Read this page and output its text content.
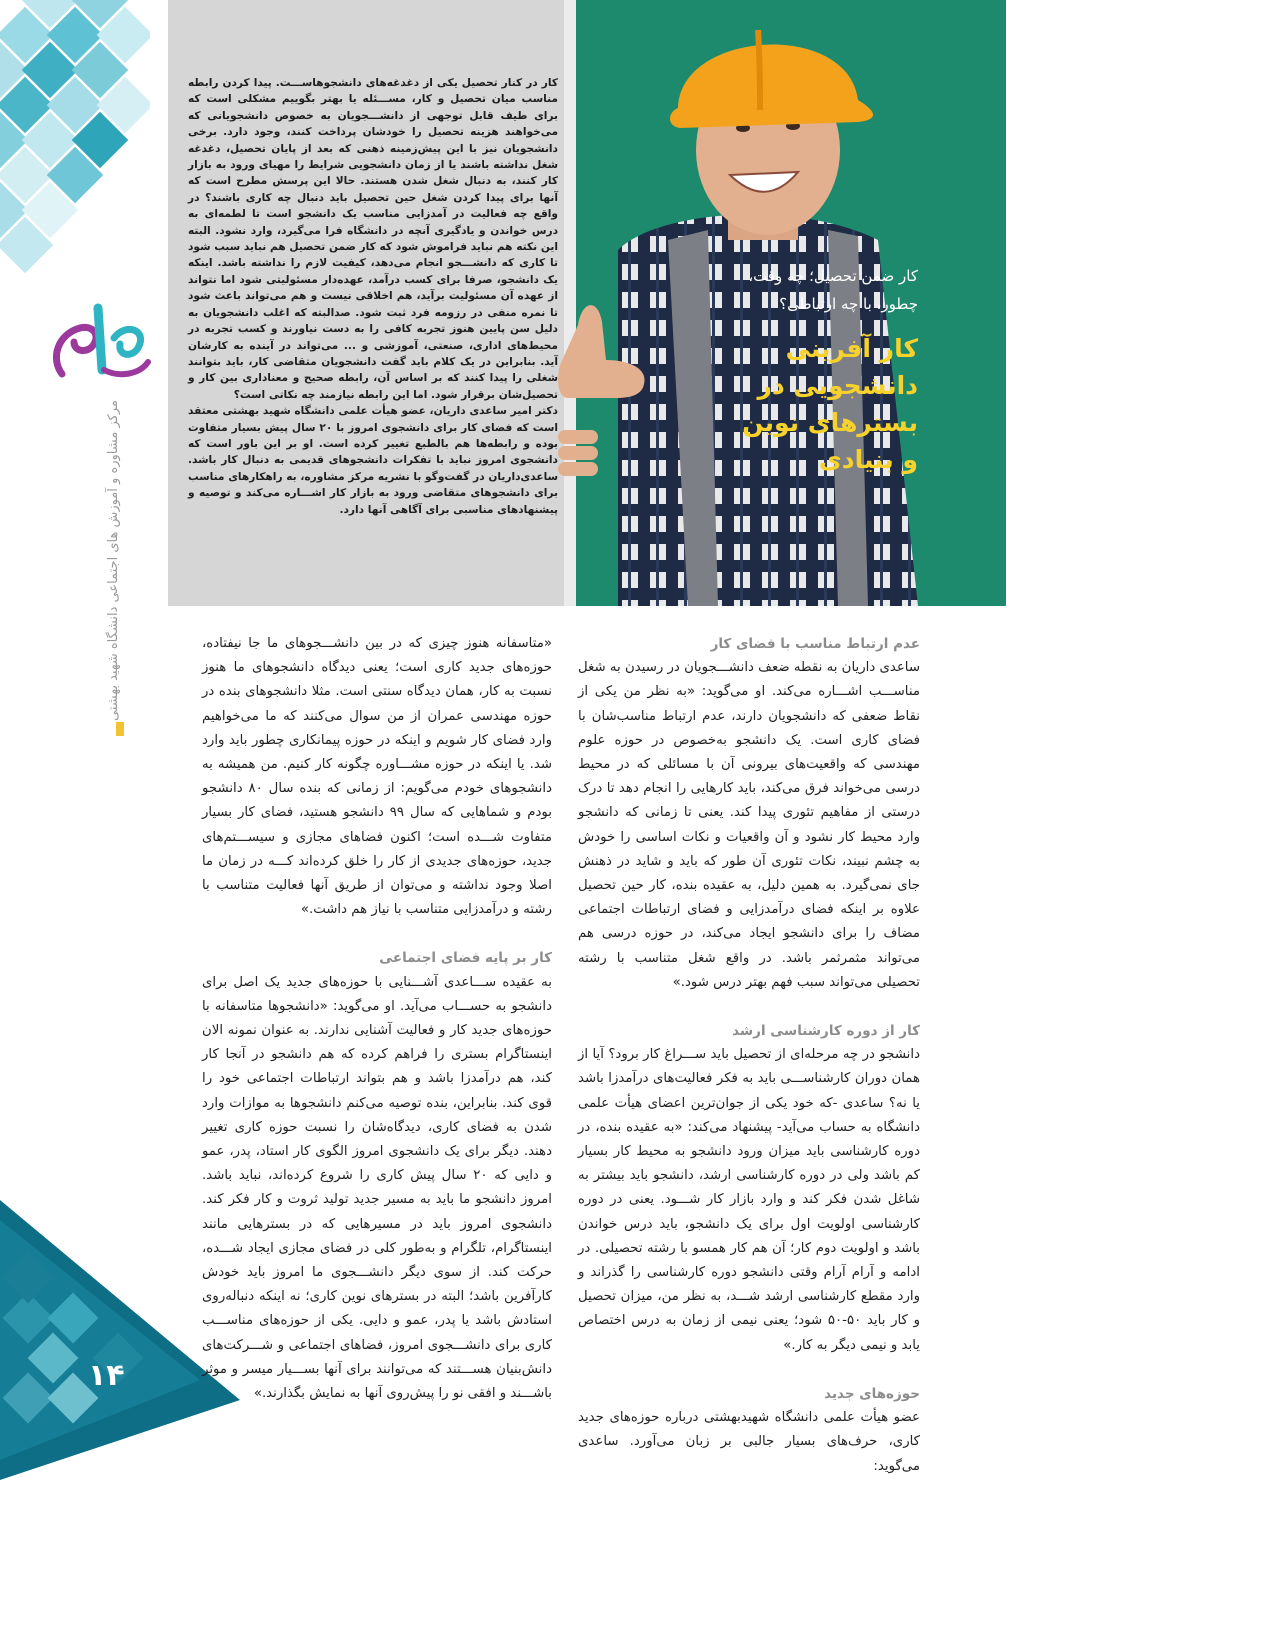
مرکز مشاوره و آموزش های اجتماعی دانشگاه شهید بهشتی
۱۴
کار ضمن تحصیل؛ چه وقت، چطور، با چه ارتباطی؟
کار آفرینی دانشجویی در بسترهای نوین و بنیادی

کار در کنار تحصیل یکی از دغدغه‌های دانشجوهاســـت. پیدا کردن رابطه مناسب میان تحصیل و کار، مســـئله یا بهتر بگوییم مشکلی است که برای طیف قابل توجهی از دانشـــجویان به خصوص دانشجویانی که می‌خواهند هزینه تحصیل را خودشان پرداخت کنند، وجود دارد. برخی دانشجویان نیز با این پیش‌زمینه ذهنی که بعد از پایان تحصیل، دغدغه شغل نداشته باشند یا از زمان دانشجویی شرایط را مهیای ورود به بازار کار کنند، به دنبال شغل شدن هستند. حالا این پرسش مطرح است که آنها برای پیدا کردن شغل حین تحصیل باید دنبال چه کاری باشند؟ در واقع چه فعالیت در آمدزایی مناسب یک دانشجو است تا لطمه‌ای به درس خواندن و یادگیری آنچه در دانشگاه فرا می‌گیرد، وارد نشود. البته این نکته هم نباید فراموش شود که کار ضمن تحصیل هم نباید سبب شود تا کاری که دانشـــجو انجام می‌دهد، کیفیت لازم را نداشته باشد. اینکه یک دانشجو، صرفا برای کسب درآمد، عهده‌دار مسئولیتی شود اما نتواند از عهده آن مسئولیت برآید، هم اخلاقی نیست و هم می‌تواند باعث شود تا نمره منفی در رزومه فرد ثبت شود. صدالبته که اغلب دانشجویان به دلیل سن پایین هنوز تجربه کافی را به دست نیاورند و کسب تجربه در محیط‌های اداری، صنعتی، آموزشی و ... می‌تواند در آینده به کارشان آید. بنابراین در یک کلام باید گفت دانشجویان متقاضی کار، باید بتوانند شغلی را پیدا کنند که بر اساس آن، رابطه صحیح و معناداری بین کار و تحصیل‌شان برقرار شود. اما این رابطه نیازمند چه نکاتی است؟

دکتر امیر ساعدی داریان، عضو هیأت علمی دانشگاه شهید بهشتی معتقد است که فضای کار برای دانشجوی امروز با ۲۰ سال پیش بسیار متفاوت بوده و رابطه‌ها هم بالطبع تغییر کرده است. او بر این باور است که دانشجوی امروز نباید با تفکرات دانشجوهای قدیمی به دنبال کار باشد. ساعدی‌داریان در گفت‌وگو با نشریه مرکز مشاوره، به راهکارهای مناسب برای دانشجوهای متقاضی ورود به بازار کار اشـــاره می‌کند و توصیه و پیشنهادهای مناسبی برای آگاهی آنها دارد.

عدم ارتباط مناسب با فضای کار

ساعدی داریان به نقطه ضعف دانشـــجویان در رسیدن به شغل مناســـب اشـــاره می‌کند. او می‌گوید: «به نظر من یکی از نقاط ضعفی که دانشجویان دارند، عدم ارتباط مناسب‌شان با فضای کاری است. یک دانشجو به‌خصوص در حوزه علوم مهندسی که واقعیت‌های بیرونی آن با مسائلی که در محیط درسی می‌خواند فرق می‌کند، باید کارهایی را انجام دهد تا درک درستی از مفاهیم تئوری پیدا کند. یعنی تا زمانی که دانشجو وارد محیط کار نشود و آن واقعیات و نکات اساسی را خودش به چشم نبیند، نکات تئوری آن طور که باید و شاید در ذهنش جای نمی‌گیرد. به همین دلیل، به عقیده بنده، کار حین تحصیل علاوه بر اینکه فضای درآمدزایی و فضای ارتباطات اجتماعی مضاف را برای دانشجو ایجاد می‌کند، در حوزه درسی هم می‌تواند مثمرثمر باشد. در واقع شغل متناسب با رشته تحصیلی می‌تواند سبب فهم بهتر درس شود.»

کار از دوره کارشناسی ارشد

دانشجو در چه مرحله‌ای از تحصیل باید ســـراغ کار برود؟ آیا از همان دوران کارشناســـی باید به فکر فعالیت‌های درآمدزا باشد یا نه؟ ساعدی -که خود یکی از جوان‌ترین اعضای هیأت علمی دانشگاه به حساب می‌آید- پیشنهاد می‌کند: «به عقیده بنده، در دوره کارشناسی باید میزان ورود دانشجو به محیط کار بسیار کم باشد ولی در دوره کارشناسی ارشد، دانشجو باید بیشتر به شاغل شدن فکر کند و وارد بازار کار شـــود. یعنی در دوره کارشناسی اولویت اول برای یک دانشجو، باید درس خواندن باشد و اولویت دوم کار؛ آن هم کار همسو با رشته تحصیلی. در ادامه و آرام آرام وقتی دانشجو دوره کارشناسی را گذراند و وارد مقطع کارشناسی ارشد شـــد، به نظر من، میزان تحصیل و کار باید ۵۰-۵۰ شود؛ یعنی نیمی از زمان به درس اختصاص یابد و نیمی دیگر به کار.»

حوزه‌های جدید

عضو هیأت علمی دانشگاه شهیدبهشتی درباره حوزه‌های جدید کاری، حرف‌های بسیار جالبی بر زبان می‌آورد. ساعدی می‌گوید:

«متاسفانه هنوز چیزی که در بین دانشـــجوهای ما جا نیفتاده، حوزه‌های جدید کاری است؛ یعنی دیدگاه دانشجوهای ما هنوز نسبت به کار، همان دیدگاه سنتی است. مثلا دانشجوهای بنده در حوزه مهندسی عمران از من سوال می‌کنند که ما می‌خواهیم وارد فضای کار شویم و اینکه در حوزه پیمانکاری چطور باید وارد شد. یا اینکه در حوزه مشـــاوره چگونه کار کنیم. من همیشه به دانشجوهای خودم می‌گویم: از زمانی که بنده سال ۸۰ دانشجو بودم و شماهایی که سال ۹۹ دانشجو هستید، فضای کار بسیار متفاوت شـــده است؛ اکنون فضاهای مجازی و سیســـتم‌های جدید، حوزه‌های جدیدی از کار را خلق کرده‌اند کـــه در زمان ما اصلا وجود نداشته و می‌توان از طریق آنها فعالیت متناسب با رشته و درآمدزایی متناسب با نیاز هم داشت.»

کار بر پایه فضای اجتماعی

به عقیده ســـاعدی آشـــنایی با حوزه‌های جدید یک اصل برای دانشجو به حســـاب می‌آید. او می‌گوید: «دانشجوها متاسفانه با حوزه‌های جدید کار و فعالیت آشنایی ندارند. به عنوان نمونه الان اینستاگرام بستری را فراهم کرده که هم دانشجو در آنجا کار کند، هم درآمدزا باشد و هم بتواند ارتباطات اجتماعی خود را قوی کند. بنابراین، بنده توصیه می‌کنم دانشجوها به موازات وارد شدن به فضای کاری، دیدگاه‌شان را نسبت حوزه کاری تغییر دهند. دیگر برای یک دانشجوی امروز الگوی کار استاد، پدر، عمو و دایی که ۲۰ سال پیش کاری را شروع کرده‌اند، نباید باشد. امروز دانشجو ما باید به مسیر جدید تولید ثروت و کار فکر کند. دانشجوی امروز باید در مسیرهایی که در بسترهایی مانند اینستاگرام، تلگرام و به‌طور کلی در فضای مجازی ایجاد شـــده، حرکت کند. از سوی دیگر دانشـــجوی ما امروز باید خودش کارآفرین باشد؛ البته در بسترهای نوین کاری؛ نه اینکه دنباله‌روی استادش باشد یا پدر، عمو و دایی. یکی از حوزه‌های مناســـب کاری برای دانشـــجوی امروز، فضاهای اجتماعی و شـــرکت‌های دانش‌بنیان هســـتند که می‌توانند برای آنها بســـیار میسر و موثر باشـــند و افقی نو را پیش‌روی آنها به نمایش بگذارند.»
